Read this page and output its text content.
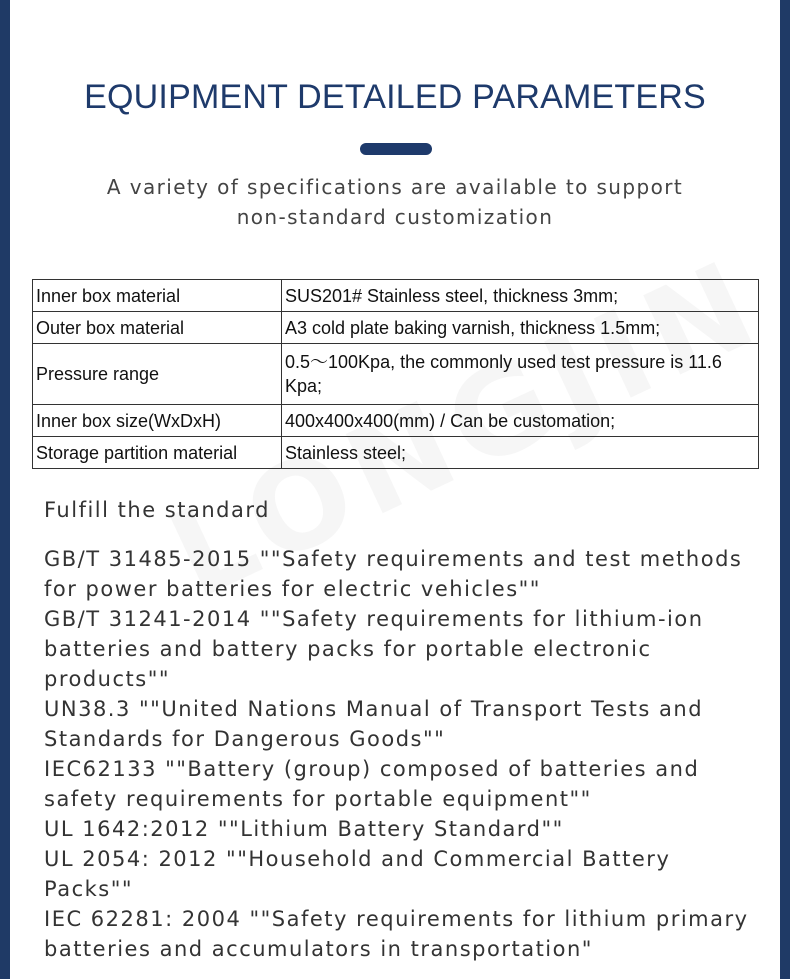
EQUIPMENT DETAILED PARAMETERS
A variety of specifications are available to support
non-standard customization
Inner box material	SUS201# Stainless steel, thickness 3mm;
Outer box material	A3 cold plate baking varnish, thickness 1.5mm;
Pressure range	0.5～100Kpa, the commonly used test pressure is 11.6 Kpa;
Inner box size(WxDxH)	400x400x400(mm) / Can be customation;
Storage partition material	Stainless steel;
Fulfill the standard
GB/T 31485-2015 ""Safety requirements and test methods for power batteries for electric vehicles""
GB/T 31241-2014 ""Safety requirements for lithium-ion batteries and battery packs for portable electronic products""
UN38.3 ""United Nations Manual of Transport Tests and Standards for Dangerous Goods""
IEC62133 ""Battery (group) composed of batteries and safety requirements for portable equipment""
UL 1642:2012 ""Lithium Battery Standard""
UL 2054: 2012 ""Household and Commercial Battery Packs""
IEC 62281: 2004 ""Safety requirements for lithium primary batteries and accumulators in transportation"
